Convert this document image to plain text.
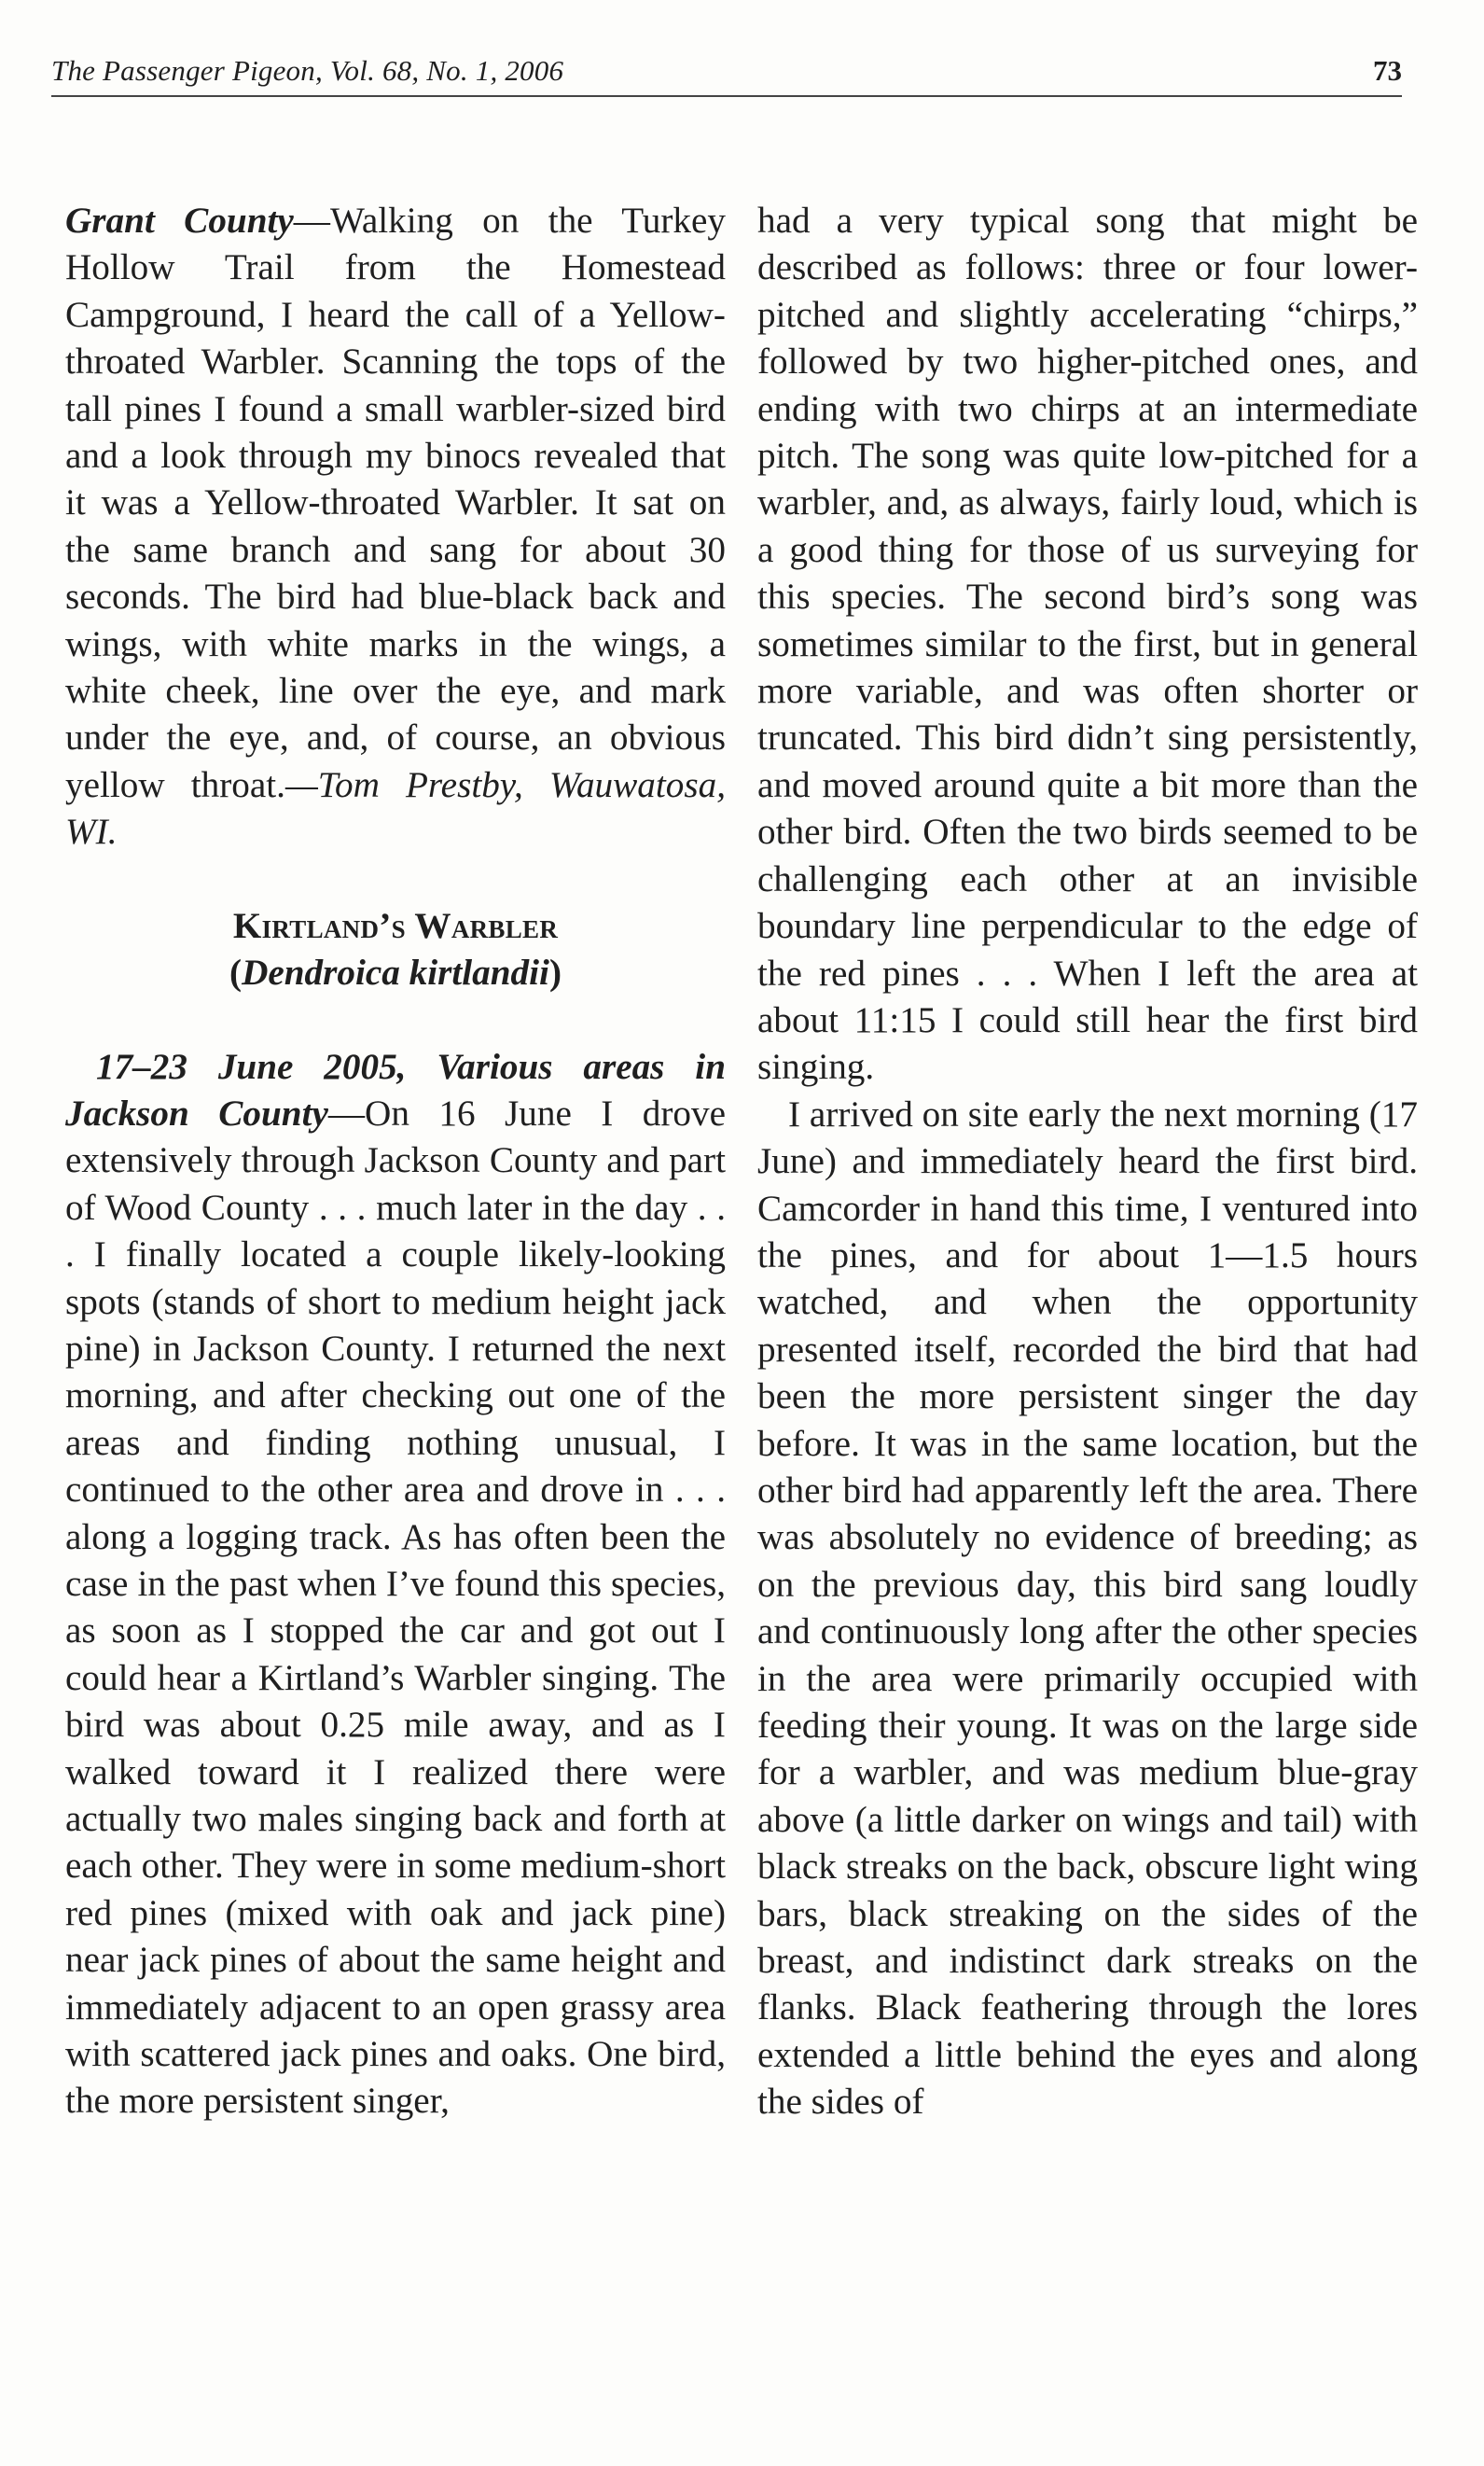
The Passenger Pigeon, Vol. 68, No. 1, 2006	73

Grant County—Walking on the Turkey Hollow Trail from the Homestead Campground, I heard the call of a Yellow-throated Warbler. Scanning the tops of the tall pines I found a small warbler-sized bird and a look through my binocs revealed that it was a Yellow-throated Warbler. It sat on the same branch and sang for about 30 seconds. The bird had blue-black back and wings, with white marks in the wings, a white cheek, line over the eye, and mark under the eye, and, of course, an obvious yellow throat.—Tom Prestby, Wauwatosa, WI.

Kirtland’s Warbler
(Dendroica kirtlandii)

17–23 June 2005, Various areas in Jackson County—On 16 June I drove extensively through Jackson County and part of Wood County . . . much later in the day . . . I finally located a couple likely-looking spots (stands of short to medium height jack pine) in Jackson County. I returned the next morning, and after checking out one of the areas and finding nothing unusual, I continued to the other area and drove in . . . along a logging track. As has often been the case in the past when I’ve found this species, as soon as I stopped the car and got out I could hear a Kirtland’s Warbler singing. The bird was about 0.25 mile away, and as I walked toward it I realized there were actually two males singing back and forth at each other. They were in some medium-short red pines (mixed with oak and jack pine) near jack pines of about the same height and immediately adjacent to an open grassy area with scattered jack pines and oaks. One bird, the more persistent singer,

had a very typical song that might be described as follows: three or four lower-pitched and slightly accelerating “chirps,” followed by two higher-pitched ones, and ending with two chirps at an intermediate pitch. The song was quite low-pitched for a warbler, and, as always, fairly loud, which is a good thing for those of us surveying for this species. The second bird’s song was sometimes similar to the first, but in general more variable, and was often shorter or truncated. This bird didn’t sing persistently, and moved around quite a bit more than the other bird. Often the two birds seemed to be challenging each other at an invisible boundary line perpendicular to the edge of the red pines . . . When I left the area at about 11:15 I could still hear the first bird singing.

I arrived on site early the next morning (17 June) and immediately heard the first bird. Camcorder in hand this time, I ventured into the pines, and for about 1—1.5 hours watched, and when the opportunity presented itself, recorded the bird that had been the more persistent singer the day before. It was in the same location, but the other bird had apparently left the area. There was absolutely no evidence of breeding; as on the previous day, this bird sang loudly and continuously long after the other species in the area were primarily occupied with feeding their young. It was on the large side for a warbler, and was medium blue-gray above (a little darker on wings and tail) with black streaks on the back, obscure light wing bars, black streaking on the sides of the breast, and indistinct dark streaks on the flanks. Black feathering through the lores extended a little behind the eyes and along the sides of
